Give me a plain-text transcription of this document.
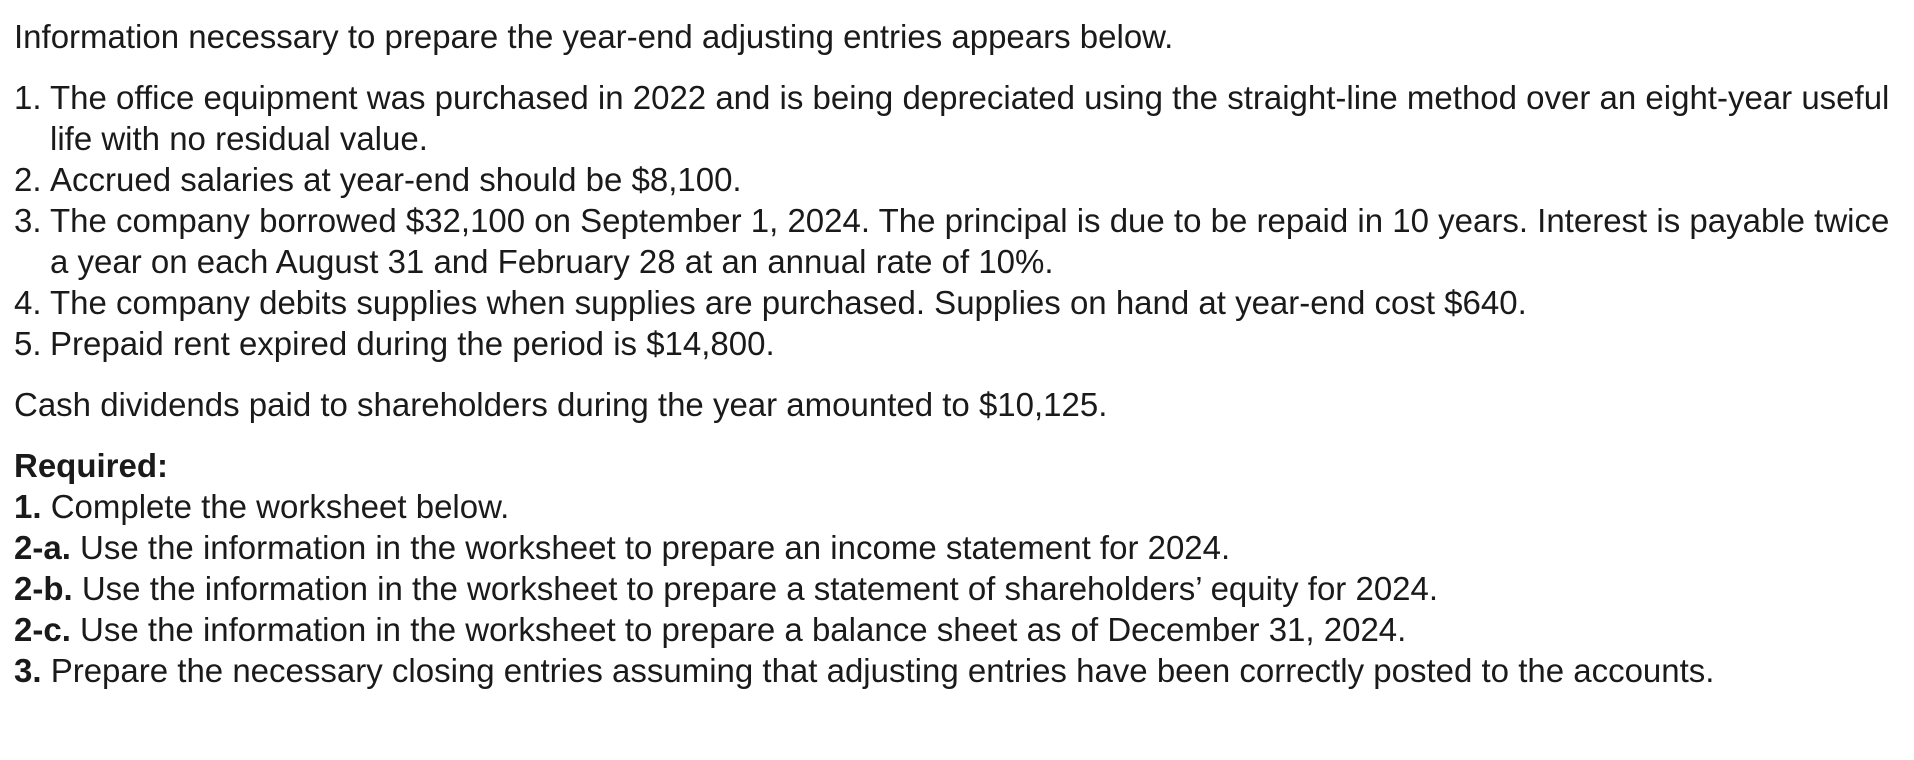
Information necessary to prepare the year-end adjusting entries appears below.

1. The office equipment was purchased in 2022 and is being depreciated using the straight-line method over an eight-year useful life with no residual value.
2. Accrued salaries at year-end should be $8,100.
3. The company borrowed $32,100 on September 1, 2024. The principal is due to be repaid in 10 years. Interest is payable twice a year on each August 31 and February 28 at an annual rate of 10%.
4. The company debits supplies when supplies are purchased. Supplies on hand at year-end cost $640.
5. Prepaid rent expired during the period is $14,800.

Cash dividends paid to shareholders during the year amounted to $10,125.

Required:

1. Complete the worksheet below.

2-a. Use the information in the worksheet to prepare an income statement for 2024.

2-b. Use the information in the worksheet to prepare a statement of shareholders’ equity for 2024.

2-c. Use the information in the worksheet to prepare a balance sheet as of December 31, 2024.

3. Prepare the necessary closing entries assuming that adjusting entries have been correctly posted to the accounts.
